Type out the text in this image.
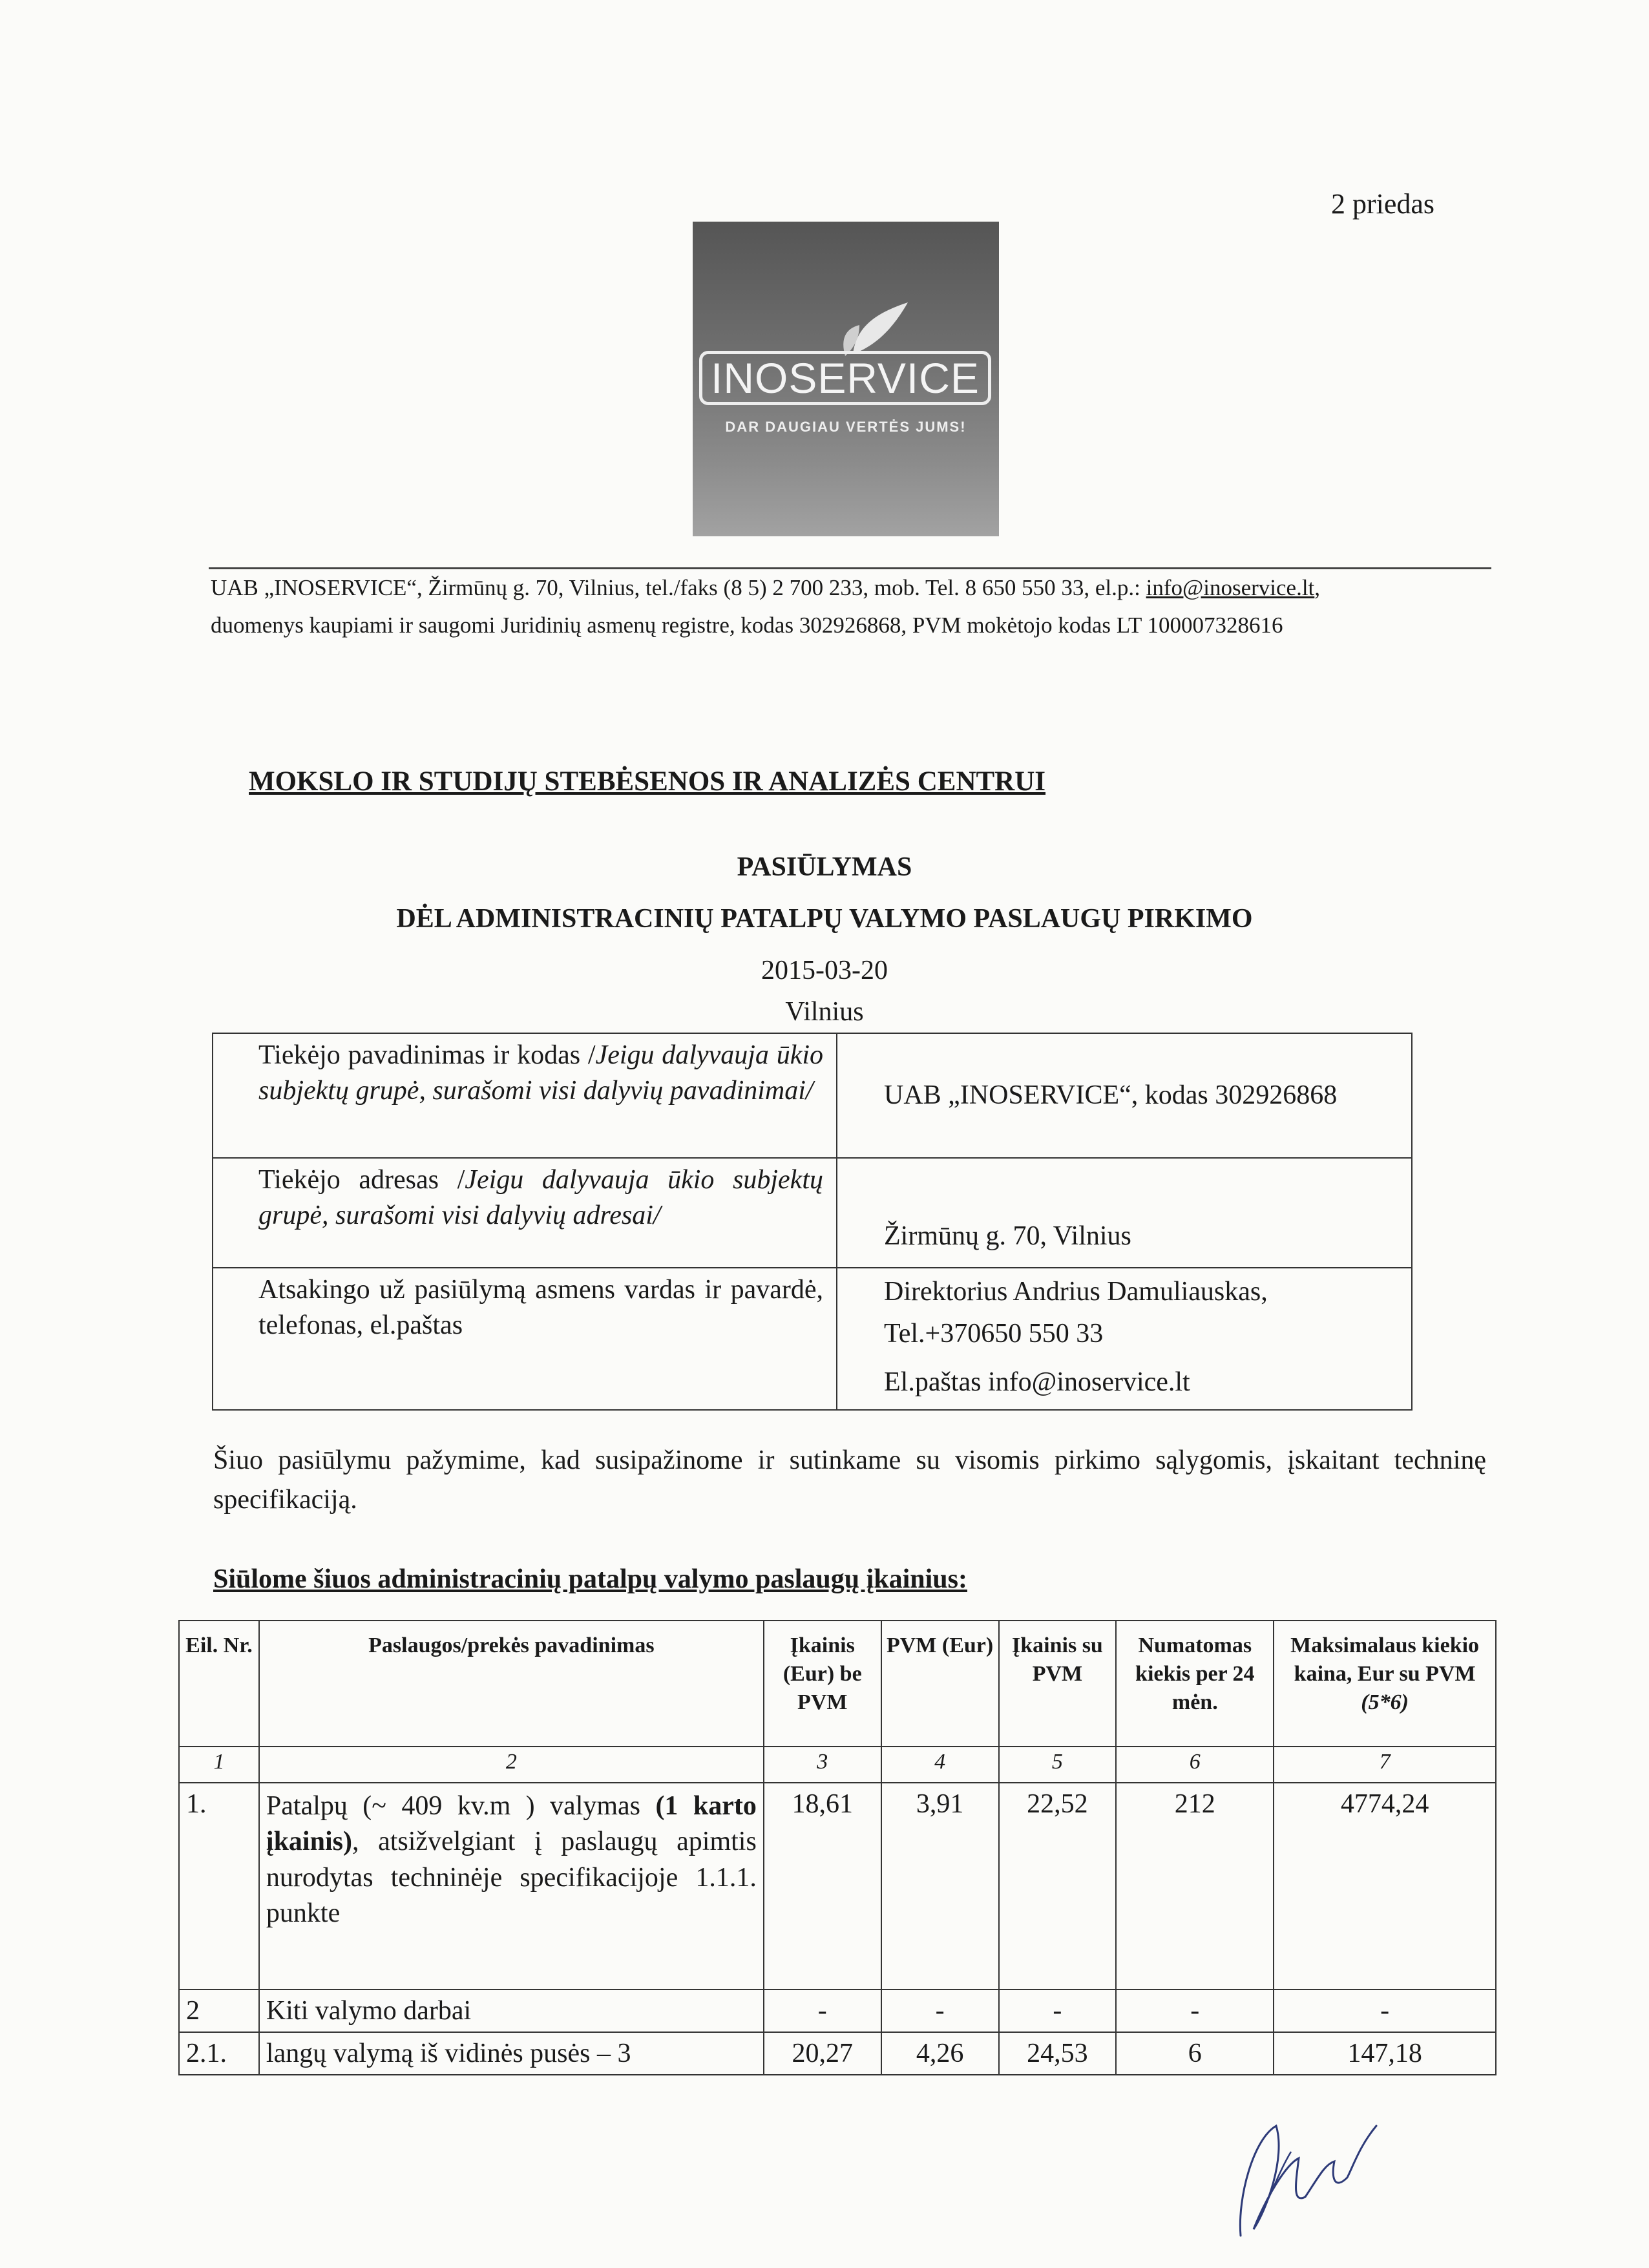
2 priedas
INOSERVICE
DAR DAUGIAU VERTĖS JUMS!
UAB „INOSERVICE“, Žirmūnų g. 70, Vilnius, tel./faks (8 5) 2 700 233, mob. Tel. 8 650 550 33, el.p.: info@inoservice.lt,
duomenys kaupiami ir saugomi Juridinių asmenų registre, kodas 302926868, PVM mokėtojo kodas LT 100007328616
MOKSLO IR STUDIJŲ STEBĖSENOS IR ANALIZĖS CENTRUI
PASIŪLYMAS
DĖL ADMINISTRACINIŲ PATALPŲ VALYMO PASLAUGŲ PIRKIMO
2015-03-20
Vilnius
Tiekėjo pavadinimas ir kodas /Jeigu dalyvauja ūkio subjektų grupė, surašomi visi dalyvių pavadinimai/	UAB „INOSERVICE“, kodas 302926868
Tiekėjo adresas /Jeigu dalyvauja ūkio subjektų grupė, surašomi visi dalyvių adresai/	Žirmūnų g. 70, Vilnius
Atsakingo už pasiūlymą asmens vardas ir pavardė, telefonas, el.paštas	Direktorius Andrius Damuliauskas,
Tel.+370650 550 33
El.paštas info@inoservice.lt
Šiuo pasiūlymu pažymime, kad susipažinome ir sutinkame su visomis pirkimo sąlygomis, įskaitant techninę specifikaciją.
Siūlome šiuos administracinių patalpų valymo paslaugų įkainius:
Eil. Nr.	Paslaugos/prekės pavadinimas	Įkainis (Eur) be PVM	PVM (Eur)	Įkainis su PVM	Numatomas kiekis per 24 mėn.	Maksimalaus kiekio kaina, Eur su PVM (5*6)
1	2	3	4	5	6	7
1.	Patalpų (~ 409 kv.m ) valymas (1 karto įkainis), atsižvelgiant į paslaugų apimtis nurodytas techninėje specifikacijoje 1.1.1. punkte	18,61	3,91	22,52	212	4774,24
2	Kiti valymo darbai	-	-	-	-	-
2.1.	langų valymą iš vidinės pusės – 3	20,27	4,26	24,53	6	147,18
